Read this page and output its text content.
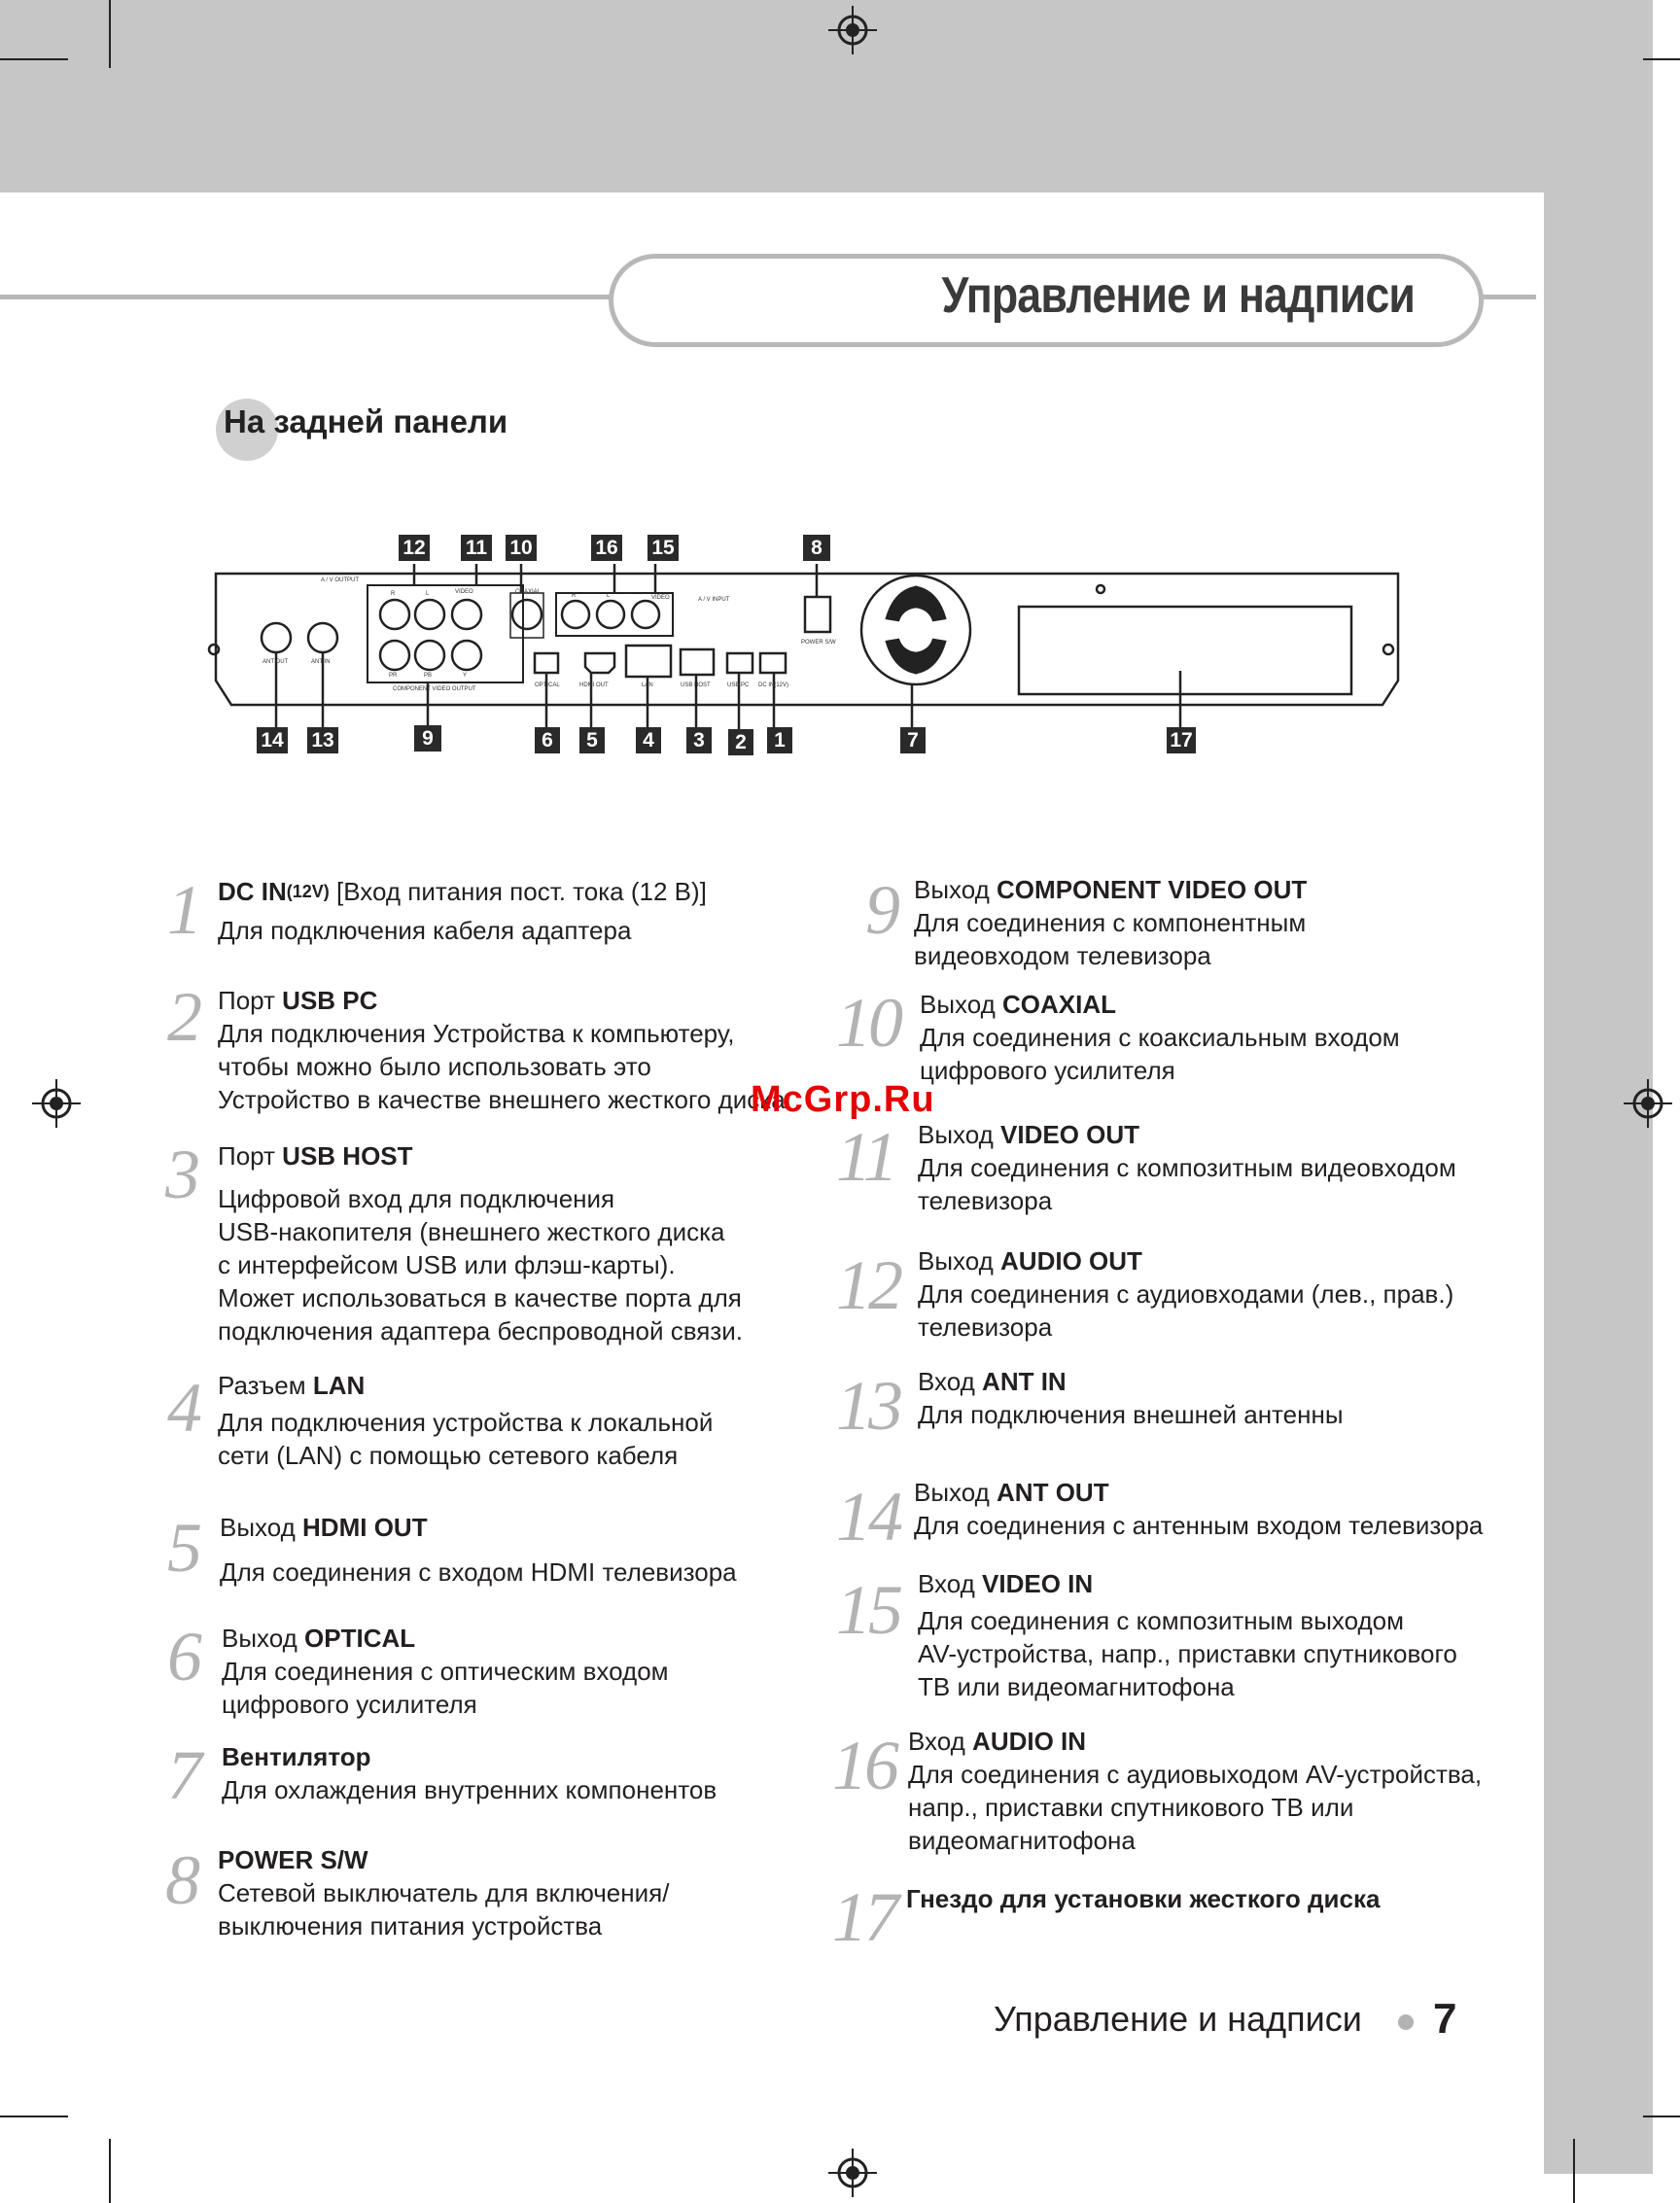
Управление и надписи
На задней панели
A / V OUTPUT
A / V INPUT
COAXIAL
VIDEO
VIDEO
R	L	R	L
PR	PB	Y
COMPONENT VIDEO OUTPUT
ANT OUT	ANT IN
OPTICAL	HDMI OUT	LAN	USB HOST	USB PC DC IN(12V)
POWER S/W
12 11 10	16 15	8
14 13	9	6	5	4	3	2	1	7	17
1 DC $IN^{(12V)}$ [Вход питания пост. тока (12 В)]
Для подключения кабеля адаптера
2 Порт USB PC
Для подключения Устройства к компьютеру,
чтобы можно было использовать это
Устройство в качестве внешнего жесткого диска
3 Порт USB HOST
Цифровой вход для подключения
USB-накопителя (внешнего жесткого диска
с интерфейсом USB или флэш-карты).
Может использоваться в качестве порта для
подключения адаптера беспроводной связи.
4 Разъем LAN
Для подключения устройства к локальной
сети (LAN) с помощью сетевого кабеля
5 Выход HDMI OUT
Для соединения с входом HDMI телевизора
6 Выход OPTICAL
Для соединения с оптическим входом
цифрового усилителя
7 Вентилятор
Для охлаждения внутренних компонентов
8 POWER S/W
Сетевой выключатель для включения/
выключения питания устройства
9 Выход COMPONENT VIDEO OUT
Для соединения с компонентным
видеовходом телевизора
10 Выход COAXIAL
Для соединения с коаксиальным входом
цифрового усилителя
11 Выход VIDEO OUT
Для соединения с композитным видеовходом
телевизора
12 Выход AUDIO OUT
Для соединения с аудиовходами (лев., прав.)
телевизора
13 Вход ANT IN
Для подключения внешней антенны
14 Выход ANT OUT
Для соединения с антенным входом телевизора
15 Вход VIDEO IN
Для соединения с композитным выходом
AV-устройства, напр., приставки спутникового
ТВ или видеомагнитофона
16 Вход AUDIO IN
Для соединения с аудиовыходом AV-устройства,
напр., приставки спутникового ТВ или
видеомагнитофона
17 Гнездо для установки жесткого диска
McGrp.Ru
Управление и надписи 7
